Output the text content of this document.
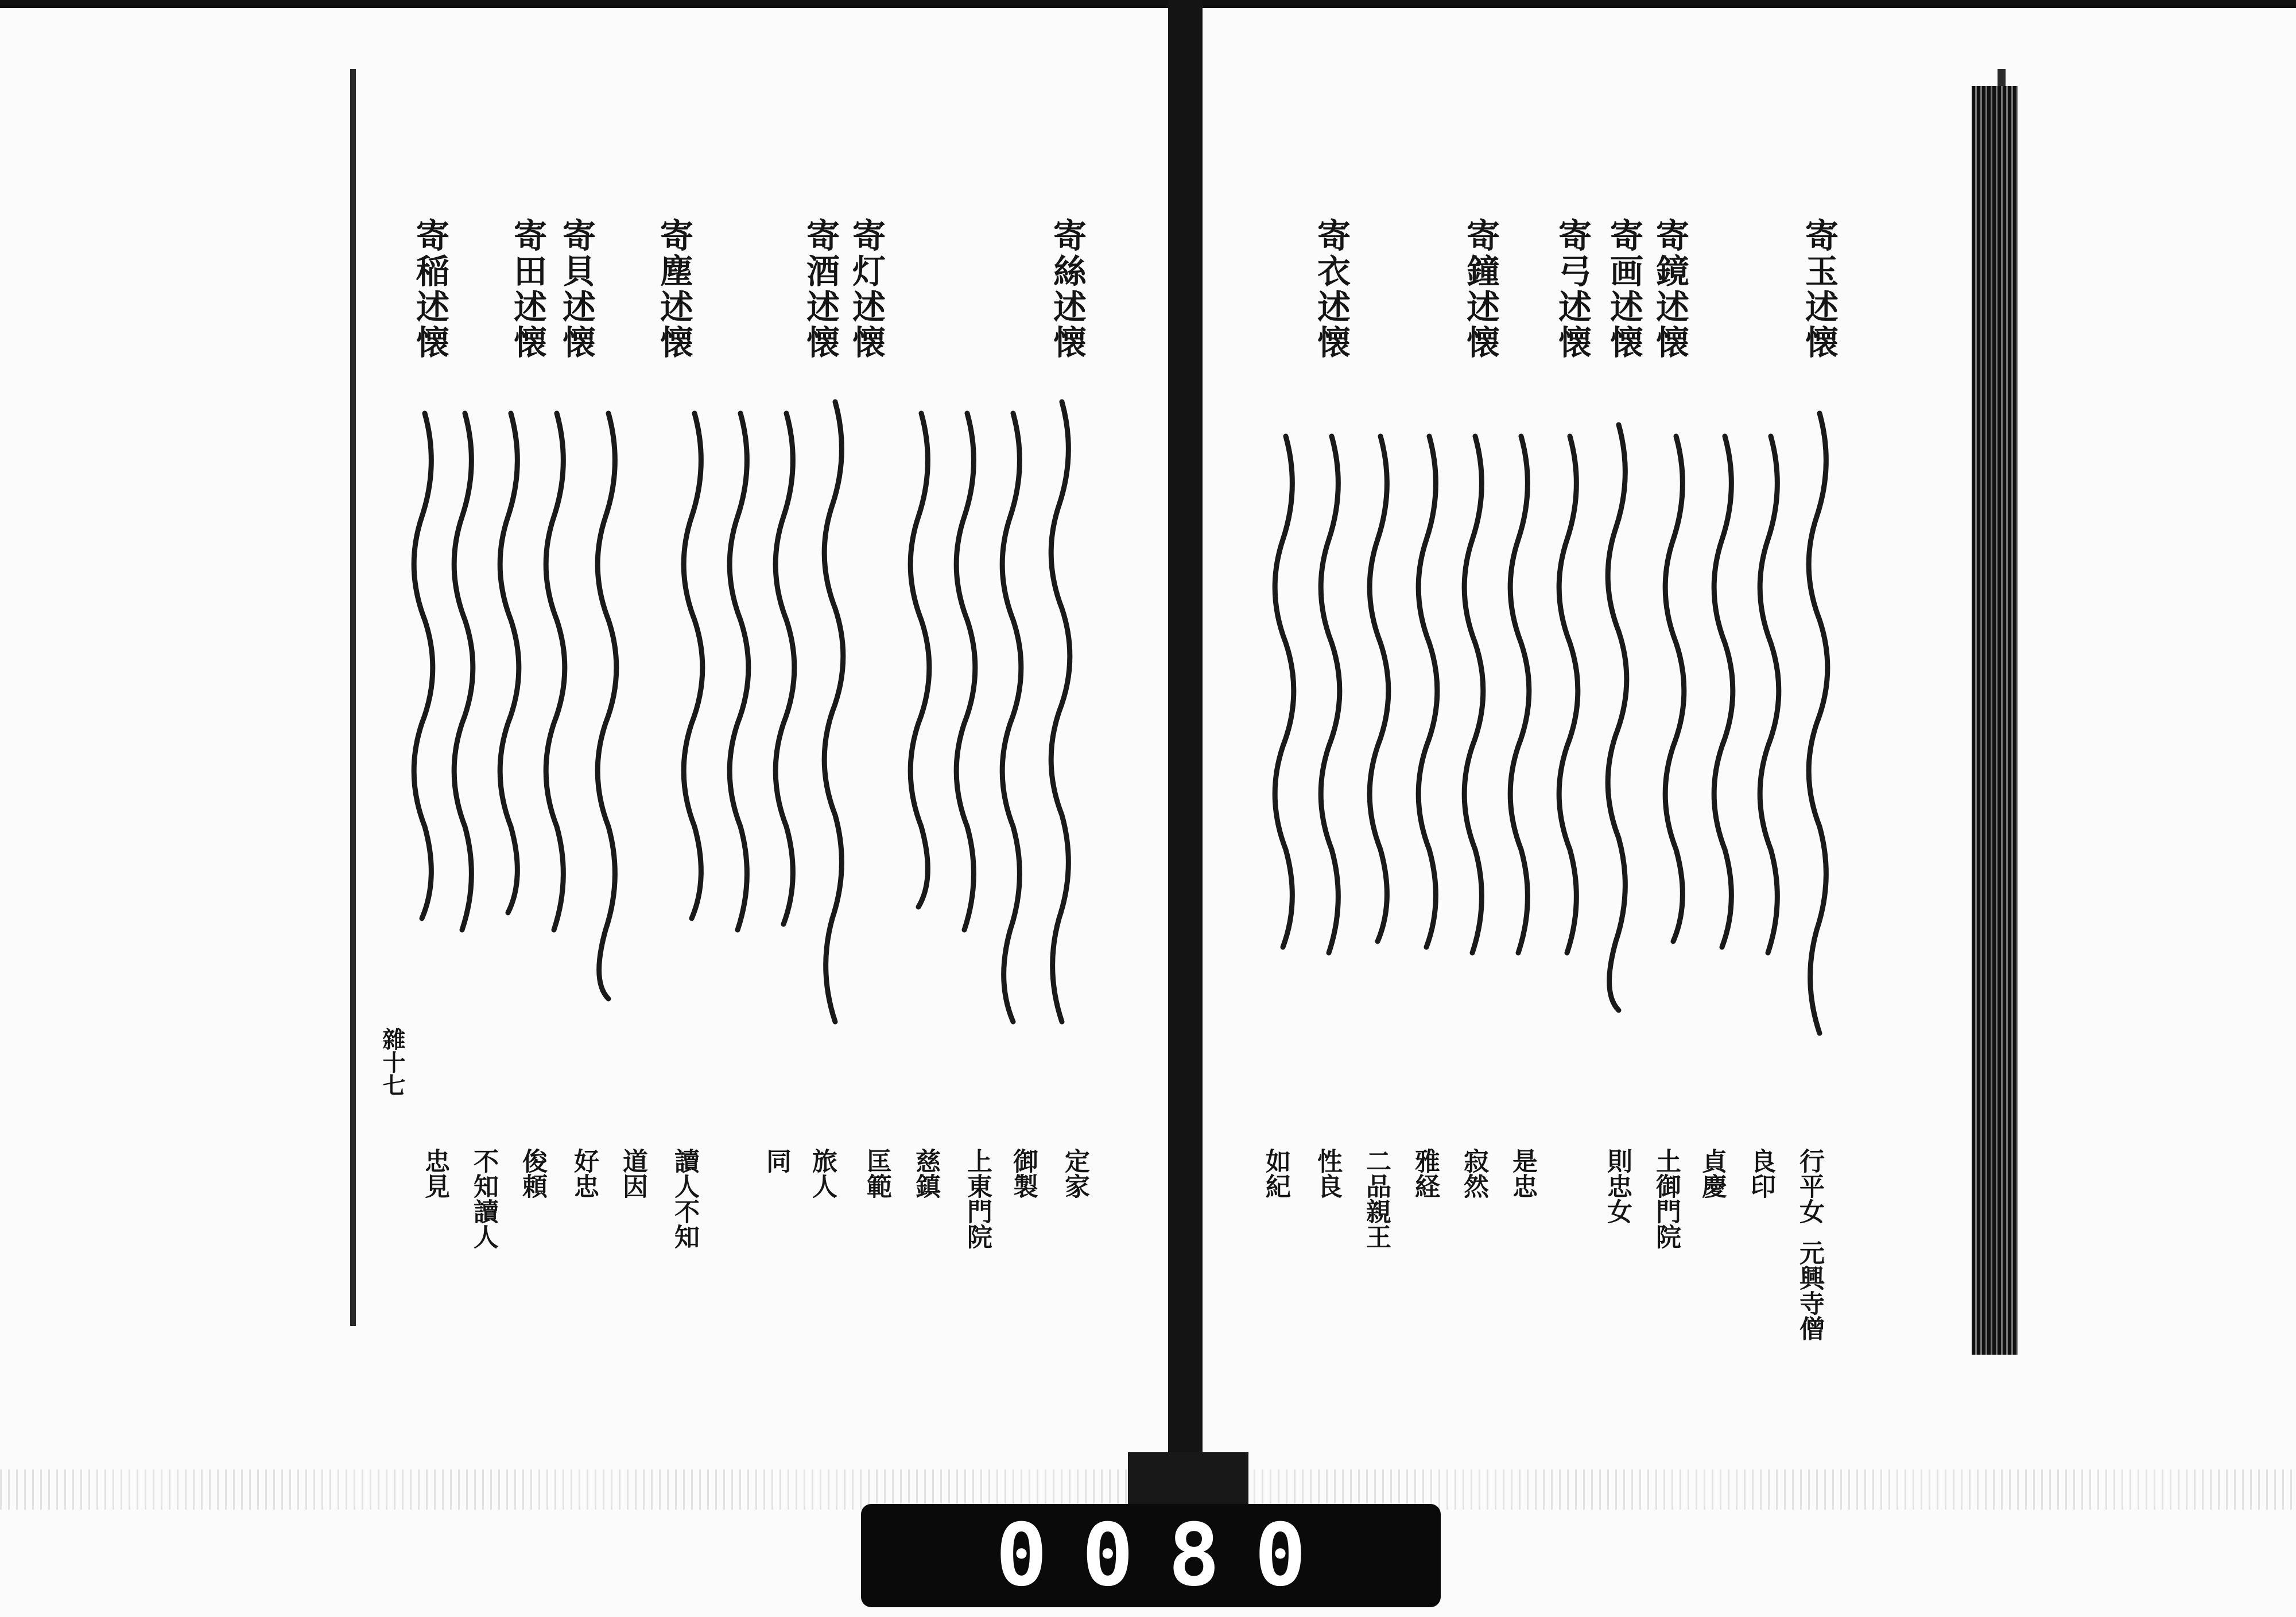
寄絲述懐
寄灯述懐
寄酒述懐
寄塵述懐
寄貝述懐
寄田述懐
寄稲述懐
雜十七
定家
御製
上東門院
慈鎮
匡範
旅人
同
讀人不知
道因
好忠
俊頼
不知讀人
忠見
寄玉述懐
寄鏡述懐
寄画述懐
寄弓述懐
寄鐘述懐
寄衣述懐
行平女
良印
元興寺僧
貞慶
土御門院
則忠女
是忠
寂然
雅経
二品親王
性良
如紀
0080
